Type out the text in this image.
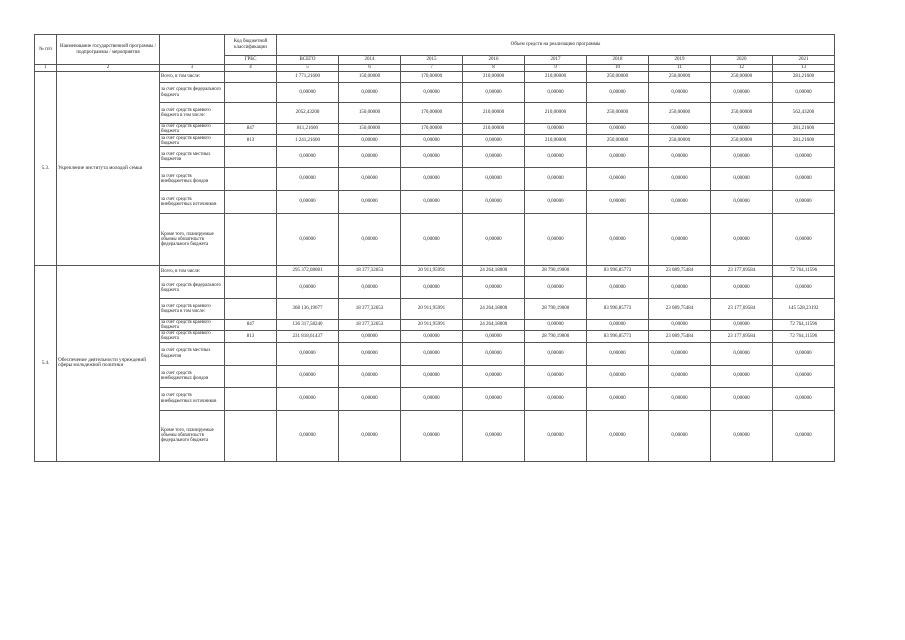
№ п/п	Наименование государственной программы / подпрограммы / мероприятия		Код бюджетной классификации	Объем средств на реализацию программы								
			ГРБС	ВСЕГО	2014	2015	2016	2017	2018	2019	2020	2021
1	2	3	4	5	6	7	8	9	10	11	12	13
5.3.	Укрепление института молодой семьи	Всего, в том числе:		1 771,21600	150,00000	170,00000	210,00000	210,00000	250,00000	250,00000	250,00000	281,21600
		за счет средств федерального бюджета		0,00000	0,00000	0,00000	0,00000	0,00000	0,00000	0,00000	0,00000	0,00000
		за счет средств краевого бюджета в том числе:		2052,43200	150,00000	170,00000	210,00000	210,00000	250,00000	250,00000	250,00000	562,43200
		за счет средств краевого бюджета	847	811,21600	150,00000	170,00000	210,00000	0,00000	0,00000	0,00000	0,00000	281,21600
		за счет средств краевого бюджета	813	1 241,21600	0,00000	0,00000	0,00000	210,00000	250,00000	250,00000	250,00000	281,21600
		за счет средств местных бюджетов		0,00000	0,00000	0,00000	0,00000	0,00000	0,00000	0,00000	0,00000	0,00000
		за счет средств внебюджетных фондов		0,00000	0,00000	0,00000	0,00000	0,00000	0,00000	0,00000	0,00000	0,00000
		за счет средств внебюджетных источников		0,00000	0,00000	0,00000	0,00000	0,00000	0,00000	0,00000	0,00000	0,00000
		Кроме того, планируемые объемы обязательств федерального бюджета		0,00000	0,00000	0,00000	0,00000	0,00000	0,00000	0,00000	0,00000	0,00000
5.4.	Обеспечение деятельности учреждений сферы молодежной политики	Всего, в том числе:		295 372,08081	18 377,32653	20 911,95991	24 264,18000	28 790,19000	83 996,85773	23 089,75484	23 177,69584	72 764,11596
		за счет средств федерального бюджета		0,00000	0,00000	0,00000	0,00000	0,00000	0,00000	0,00000	0,00000	0,00000
		за счет средств краевого бюджета в том числе:		368 136,19677	18 377,32653	20 911,95991	24 264,18000	28 790,19000	83 996,85773	23 089,75484	23 177,69584	145 528,23192
		за счет средств краевого бюджета	847	136 317,58240	18 377,32653	20 911,95991	24 264,18000	0,00000	0,00000	0,00000	0,00000	72 764,11596
		за счет средств краевого бюджета	813	231 818,61437	0,00000	0,00000	0,00000	28 790,19000	83 996,85773	23 089,75484	23 177,69584	72 764,11596
		за счет средств местных бюджетов		0,00000	0,00000	0,00000	0,00000	0,00000	0,00000	0,00000	0,00000	0,00000
		за счет средств внебюджетных фондов		0,00000	0,00000	0,00000	0,00000	0,00000	0,00000	0,00000	0,00000	0,00000
		за счет средств внебюджетных источников		0,00000	0,00000	0,00000	0,00000	0,00000	0,00000	0,00000	0,00000	0,00000
		Кроме того, планируемые объемы обязательств федерального бюджета		0,00000	0,00000	0,00000	0,00000	0,00000	0,00000	0,00000	0,00000	0,00000
